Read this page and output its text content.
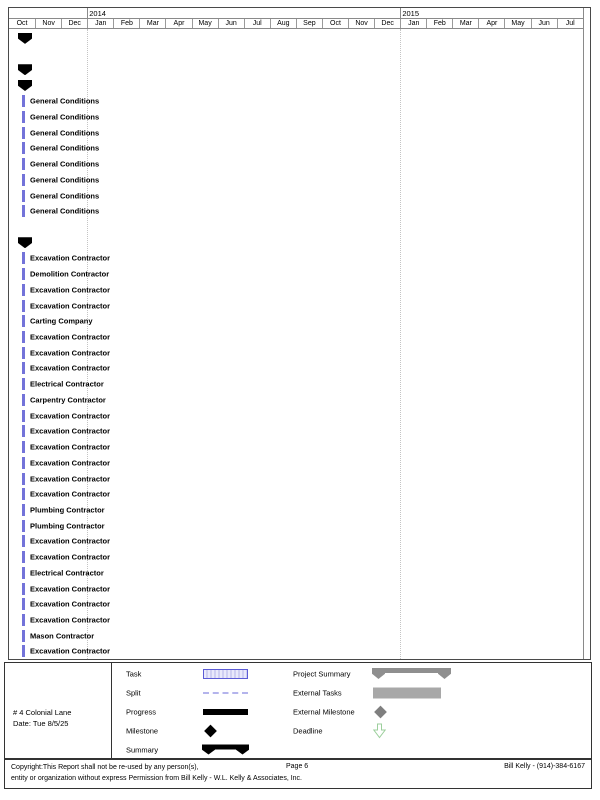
2014	2015
Oct	Nov	Dec	Jan	Feb	Mar	Apr	May	Jun	Jul	Aug	Sep	Oct	Nov	Dec	Jan	Feb	Mar	Apr	May	Jun	Jul
General Conditions
General Conditions
General Conditions
General Conditions
General Conditions
General Conditions
General Conditions
General Conditions
Excavation Contractor
Demolition Contractor
Excavation Contractor
Excavation Contractor
Carting Company
Excavation Contractor
Excavation Contractor
Excavation Contractor
Electrical Contractor
Carpentry Contractor
Excavation Contractor
Excavation Contractor
Excavation Contractor
Excavation Contractor
Excavation Contractor
Excavation Contractor
Plumbing Contractor
Plumbing Contractor
Excavation Contractor
Excavation Contractor
Electrical Contractor
Excavation Contractor
Excavation Contractor
Excavation Contractor
Mason Contractor
Excavation Contractor
# 4 Colonial Lane
Date: Tue 8/5/25
Task
Split
Progress
Milestone
Summary
Project Summary
External Tasks
External Milestone
Deadline
Copyright:This Report shall not be re-used by any person(s),
entity or organization without express Permission from Bill Kelly - W.L. Kelly & Associates, Inc.
Page 6	Bill Kelly - (914)-384-6167
